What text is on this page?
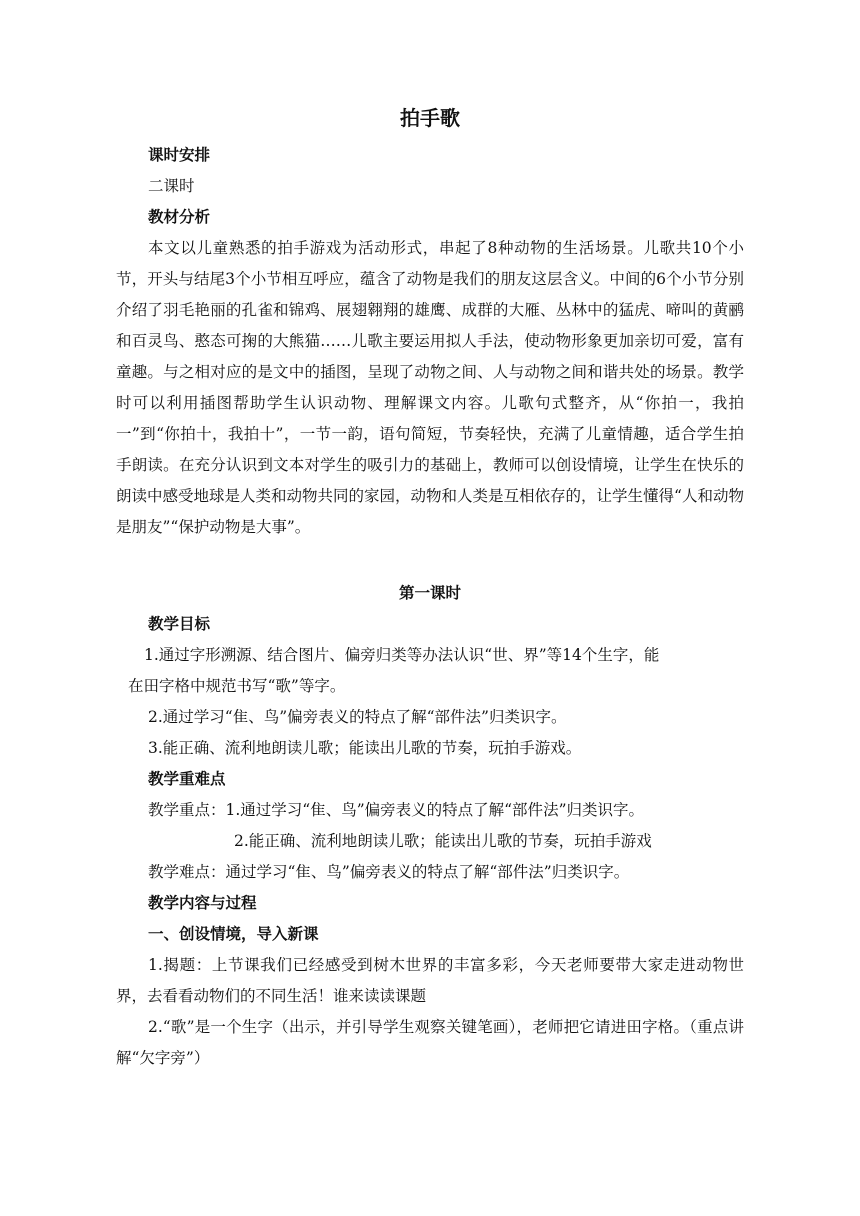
拍手歌
课时安排
二课时
教材分析
本文以儿童熟悉的拍手游戏为活动形式，串起了8种动物的生活场景。儿歌共10个小节，开头与结尾3个小节相互呼应，蕴含了动物是我们的朋友这层含义。中间的6个小节分别介绍了羽毛艳丽的孔雀和锦鸡、展翅翱翔的雄鹰、成群的大雁、丛林中的猛虎、啼叫的黄鹂和百灵鸟、憨态可掬的大熊猫……儿歌主要运用拟人手法，使动物形象更加亲切可爱，富有童趣。与之相对应的是文中的插图，呈现了动物之间、人与动物之间和谐共处的场景。教学时可以利用插图帮助学生认识动物、理解课文内容。儿歌句式整齐，从“你拍一，我拍一”到“你拍十，我拍十”，一节一韵，语句简短，节奏轻快，充满了儿童情趣，适合学生拍手朗读。在充分认识到文本对学生的吸引力的基础上，教师可以创设情境，让学生在快乐的朗读中感受地球是人类和动物共同的家园，动物和人类是互相依存的，让学生懂得“人和动物是朋友”“保护动物是大事”。
第一课时
教学目标
1.通过字形溯源、结合图片、偏旁归类等办法认识“世、界”等14个生字，能
在田字格中规范书写“歌”等字。
2.通过学习“隹、鸟”偏旁表义的特点了解“部件法”归类识字。
3.能正确、流利地朗读儿歌；能读出儿歌的节奏，玩拍手游戏。
教学重难点
教学重点：1.通过学习“隹、鸟”偏旁表义的特点了解“部件法”归类识字。
2.能正确、流利地朗读儿歌；能读出儿歌的节奏，玩拍手游戏
教学难点：通过学习“隹、鸟”偏旁表义的特点了解“部件法”归类识字。
教学内容与过程
一、创设情境，导入新课
1.揭题：上节课我们已经感受到树木世界的丰富多彩，今天老师要带大家走进动物世界，去看看动物们的不同生活！谁来读读课题
2.“歌”是一个生字（出示，并引导学生观察关键笔画），老师把它请进田字格。（重点讲解“欠字旁”）
